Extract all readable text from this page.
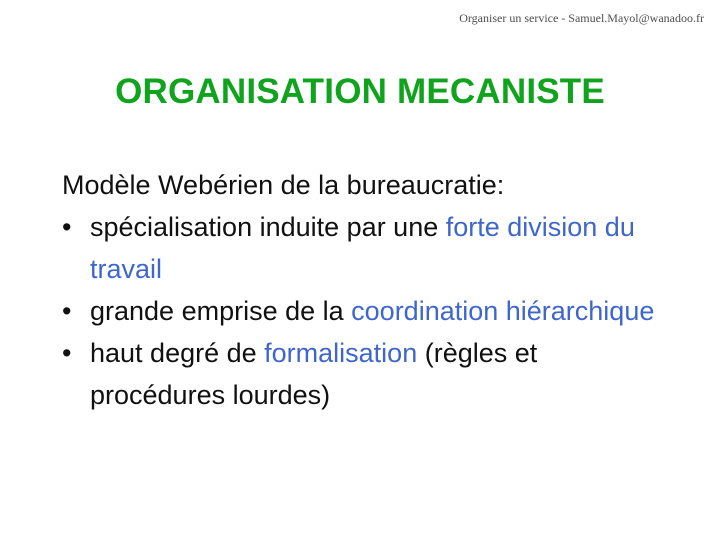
Organiser un service - Samuel.Mayol@wanadoo.fr
ORGANISATION MECANISTE

Modèle Webérien de la bureaucratie:

• spécialisation induite par une forte division du travail
• grande emprise de la coordination hiérarchique
• haut degré de formalisation (règles et procédures lourdes)
